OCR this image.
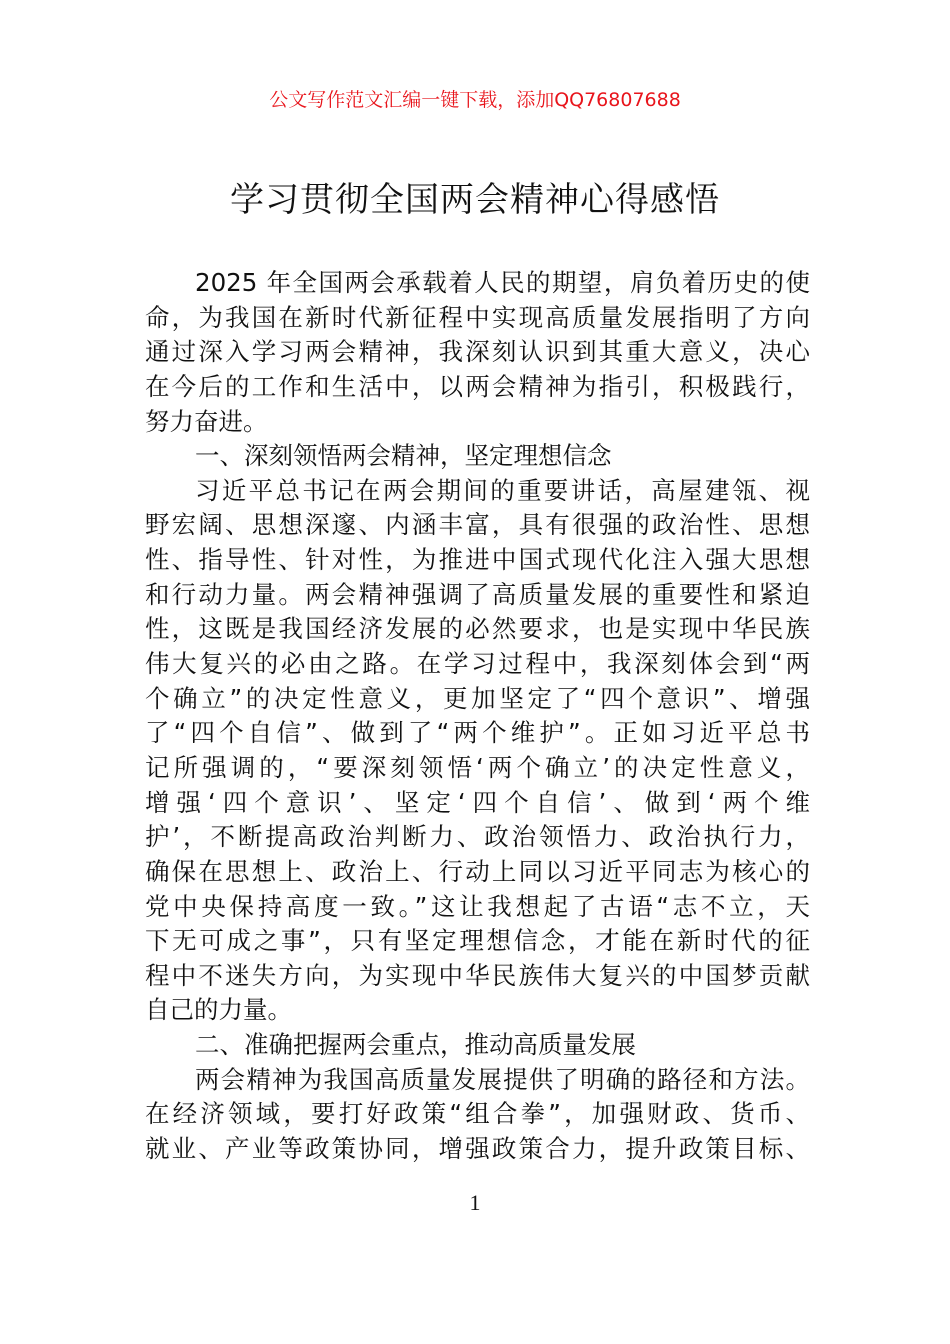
公文写作范文汇编一键下载，添加QQ76807688
学习贯彻全国两会精神心得感悟
2025 年全国两会承载着人民的期望，肩负着历史的使
命，为我国在新时代新征程中实现高质量发展指明了方向
通过深入学习两会精神，我深刻认识到其重大意义，决心
在今后的工作和生活中，以两会精神为指引，积极践行，
努力奋进。
一、深刻领悟两会精神，坚定理想信念
习近平总书记在两会期间的重要讲话，高屋建瓴、视
野宏阔、思想深邃、内涵丰富，具有很强的政治性、思想
性、指导性、针对性，为推进中国式现代化注入强大思想
和行动力量。两会精神强调了高质量发展的重要性和紧迫
性，这既是我国经济发展的必然要求，也是实现中华民族
伟大复兴的必由之路。在学习过程中，我深刻体会到“两
个确立”的决定性意义，更加坚定了“四个意识”、增强
了“四个自信”、做到了“两个维护”。正如习近平总书
记所强调的，“要深刻领悟‘两个确立’的决定性意义，
增强‘四个意识’、坚定‘四个自信’、做到‘两个维
护’，不断提高政治判断力、政治领悟力、政治执行力，
确保在思想上、政治上、行动上同以习近平同志为核心的
党中央保持高度一致。”这让我想起了古语“志不立，天
下无可成之事”，只有坚定理想信念，才能在新时代的征
程中不迷失方向，为实现中华民族伟大复兴的中国梦贡献
自己的力量。
二、准确把握两会重点，推动高质量发展
两会精神为我国高质量发展提供了明确的路径和方法。
在经济领域，要打好政策“组合拳”，加强财政、货币、
就业、产业等政策协同，增强政策合力，提升政策目标、
1
